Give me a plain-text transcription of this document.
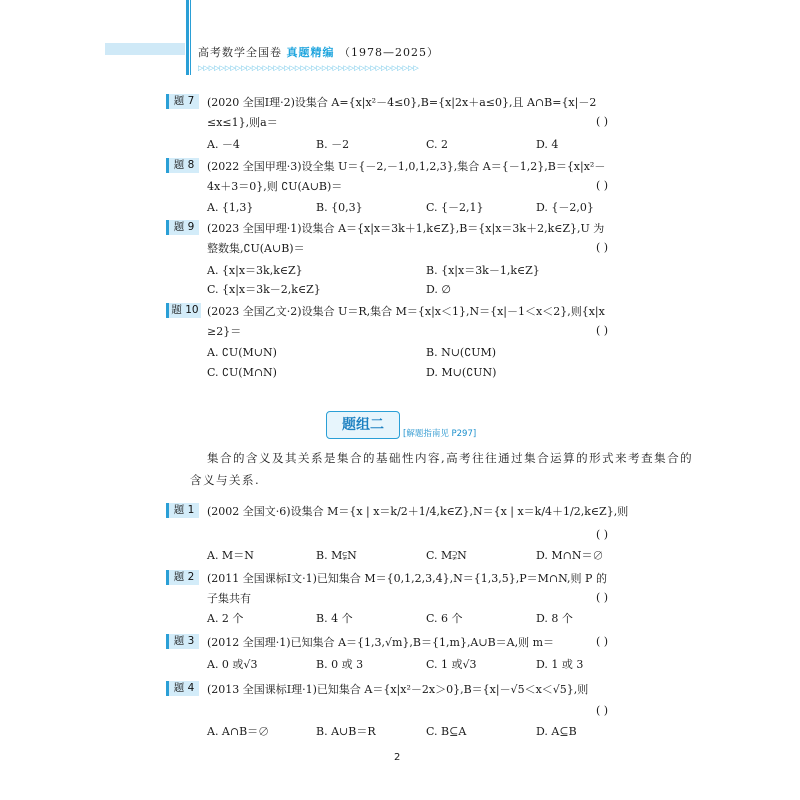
高考数学全国卷 真题精编 （1978—2025）
▷▷▷▷▷▷▷▷▷▷▷▷▷▷▷▷▷▷▷▷▷▷▷▷▷▷▷▷▷▷▷▷▷▷▷▷▷▷▷▷▷
题 7	(2020 全国Ⅰ理·2)设集合 A={x|x²－4≤0},B={x|2x＋a≤0},且 A∩B={x|－2
≤x≤1},则a＝	( )
A. －4	B. －2	C. 2	D. 4
题 8	(2022 全国甲理·3)设全集 U＝{－2,－1,0,1,2,3},集合 A＝{－1,2},B＝{x|x²－
4x＋3＝0},则 ∁U(A∪B)＝	( )
A. {1,3}	B. {0,3}	C. {－2,1}	D. {－2,0}
题 9	(2023 全国甲理·1)设集合 A＝{x|x＝3k＋1,k∈Z},B＝{x|x＝3k＋2,k∈Z},U 为
整数集,∁U(A∪B)＝	( )
A. {x|x＝3k,k∈Z}	B. {x|x＝3k－1,k∈Z}
C. {x|x＝3k－2,k∈Z}	D. ∅
题 10 (2023 全国乙文·2)设集合 U＝R,集合 M＝{x|x＜1},N＝{x|－1＜x＜2},则{x|x
≥2}＝	( )
A. ∁U(M∪N)	B. N∪(∁UM)
C. ∁U(M∩N)	D. M∪(∁UN)
题组二
[解题指南见 P297]
集合的含义及其关系是集合的基础性内容,高考往往通过集合运算的形式来考查集合的
含义与关系.
题 1	(2002 全国文·6)设集合 M＝{x | x＝k/2＋1/4,k∈Z},N＝{x | x＝k/4＋1/2,k∈Z},则
( )
A. M＝N	B. M⫋N	C. M⫌N	D. M∩N＝∅
题 2	(2011 全国课标Ⅰ文·1)已知集合 M＝{0,1,2,3,4},N＝{1,3,5},P＝M∩N,则 P 的
子集共有	( )
A. 2 个	B. 4 个	C. 6 个	D. 8 个
题 3	(2012 全国理·1)已知集合 A＝{1,3,√m},B＝{1,m},A∪B＝A,则 m＝	( )
A. 0 或√3	B. 0 或 3	C. 1 或√3	D. 1 或 3
题 4	(2013 全国课标Ⅰ理·1)已知集合 A＝{x|x²－2x＞0},B＝{x|－√5＜x＜√5},则
( )
A. A∩B＝∅	B. A∪B＝R	C. B⊆A	D. A⊆B
2
